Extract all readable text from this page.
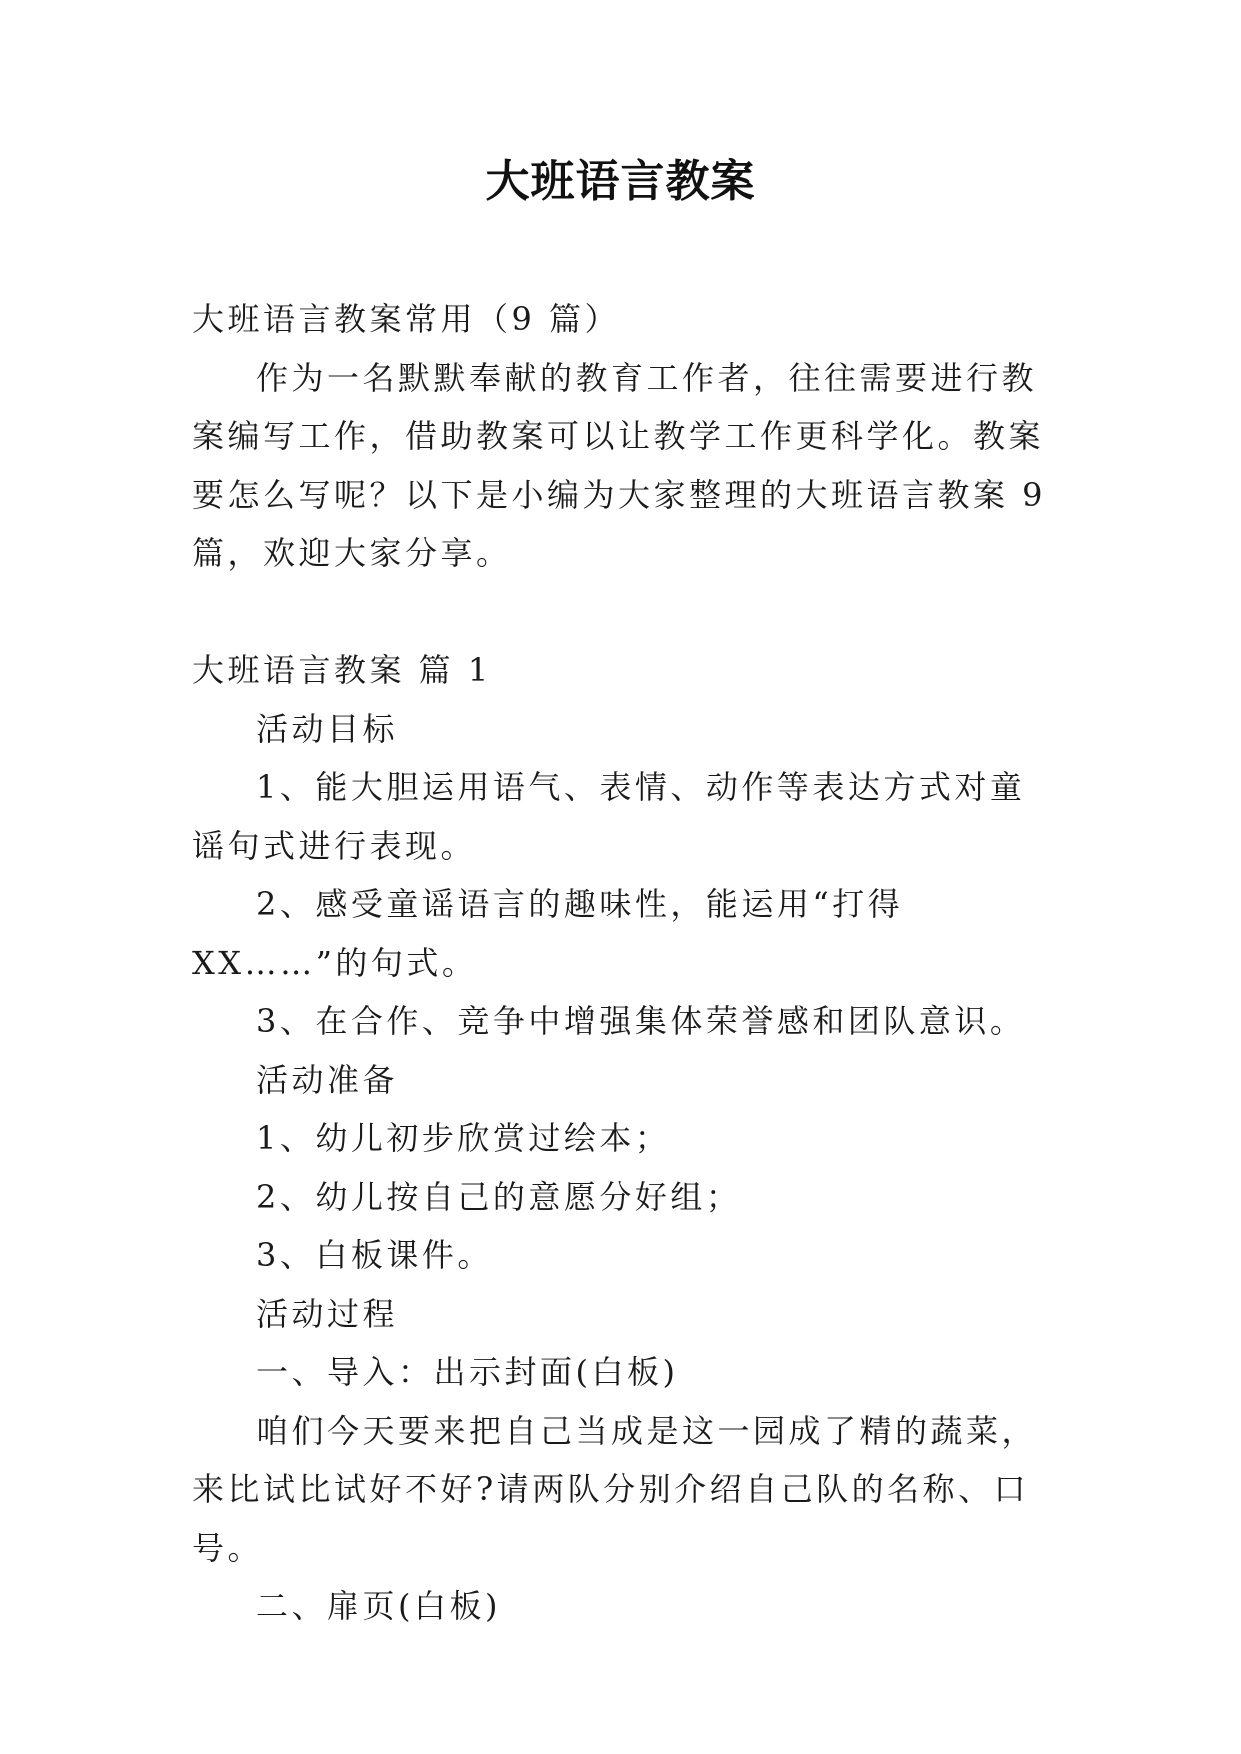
大班语言教案

大班语言教案常用（9 篇）

作为一名默默奉献的教育工作者，往往需要进行教案编写工作，借助教案可以让教学工作更科学化。教案要怎么写呢？以下是小编为大家整理的大班语言教案 9 篇，欢迎大家分享。

大班语言教案 篇 1

活动目标

1、能大胆运用语气、表情、动作等表达方式对童谣句式进行表现。

2、感受童谣语言的趣味性，能运用“打得 XX……”的句式。

3、在合作、竞争中增强集体荣誉感和团队意识。

活动准备

1、幼儿初步欣赏过绘本；

2、幼儿按自己的意愿分好组；

3、白板课件。

活动过程

一、导入：出示封面(白板)

咱们今天要来把自己当成是这一园成了精的蔬菜，来比试比试好不好?请两队分别介绍自己队的名称、口号。

二、扉页(白板)
